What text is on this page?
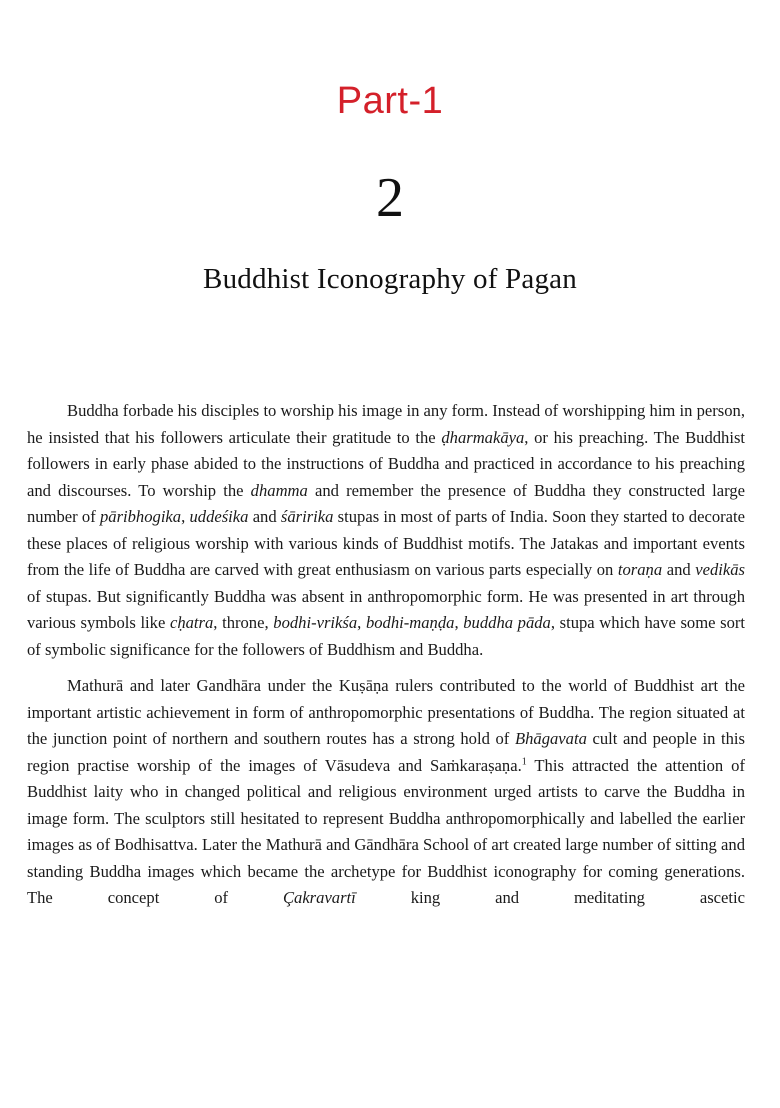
Part-1
2
Buddhist Iconography of Pagan

Buddha forbade his disciples to worship his image in any form. Instead of worshipping him in person, he insisted that his followers articulate their gratitude to the ḍharmakāya, or his preaching. The Buddhist followers in early phase abided to the instructions of Buddha and practiced in accordance to his preaching and discourses. To worship the dhamma and remember the presence of Buddha they constructed large number of pāribhogika, uddeśika and śāririka stupas in most of parts of India. Soon they started to decorate these places of religious worship with various kinds of Buddhist motifs. The Jatakas and important events from the life of Buddha are carved with great enthusiasm on various parts especially on toraṇa and vedikās of stupas. But significantly Buddha was absent in anthropomorphic form. He was presented in art through various symbols like cḥatra, throne, bodhi-vrikśa, bodhi-maṇḍa, buddha pāda, stupa which have some sort of symbolic significance for the followers of Buddhism and Buddha.

Mathurā and later Gandhāra under the Kuṣāṇa rulers contributed to the world of Buddhist art the important artistic achievement in form of anthropomorphic presentations of Buddha. The region situated at the junction point of northern and southern routes has a strong hold of Bhāgavata cult and people in this region practise worship of the images of Vāsudeva and Saṁkaraṣaṇa.$^1$ This attracted the attention of Buddhist laity who in changed political and religious environment urged artists to carve the Buddha in image form. The sculptors still hesitated to represent Buddha anthropomorphically and labelled the earlier images as of Bodhisattva. Later the Mathurā and Gāndhāra School of art created large number of sitting and standing Buddha images which became the archetype for Buddhist iconography for coming generations. The concept of Çakravartī king and meditating ascetic
